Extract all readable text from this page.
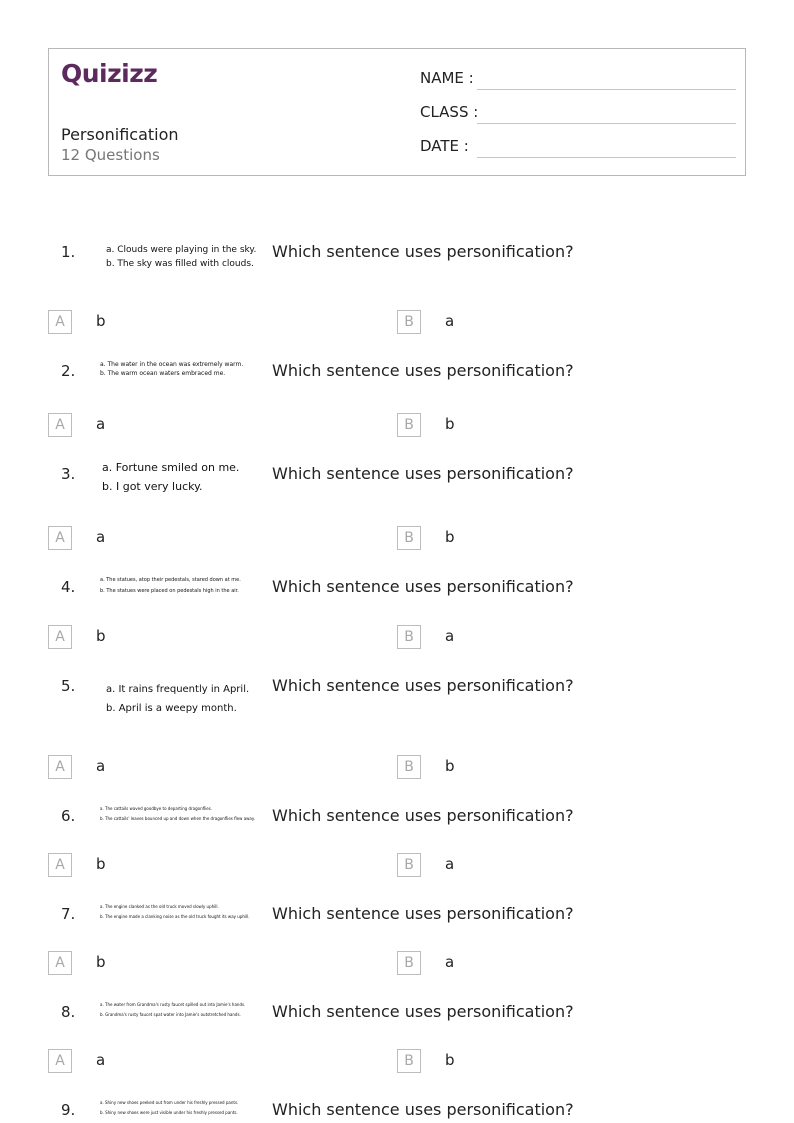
Quizizz
Personification
12 Questions
NAME :
CLASS :
DATE :
1.	a. Clouds were playing in the sky.
b. The sky was filled with clouds.
Which sentence uses personification?
A	b	B	a
2.	a. The water in the ocean was extremely warm.
b. The warm ocean waters embraced me.	Which sentence uses personification?
A	a	B	b
3.	a. Fortune smiled on me.
b. I got very lucky.
Which sentence uses personification?
A	a	B	b
4.	a. The statues, atop their pedestals, stared down at me.
b. The statues were placed on pedestals high in the air.	Which sentence uses personification?
A	b	B	a
5.	a. It rains frequently in April.
b. April is a weepy month.
Which sentence uses personification?
A	a	B	b
6.	a. The cattails waved goodbye to departing dragonflies.
b. The cattails' leaves bounced up and down when the dragonflies flew away. Which sentence uses personification?
A	b	B	a
7.	a. The engine clanked as the old truck moved slowly uphill.
b. The engine made a clanking noise as the old truck fought its way uphill.	Which sentence uses personification?
A	b	B	a
8.	a. The water from Grandma's rusty faucet spilled out into Jamie's hands.
b. Grandma's rusty faucet spat water into Jamie's outstretched hands.	Which sentence uses personification?
A	a	B	b
9.	a. Shiny new shoes peeked out from under his freshly pressed pants.
b. Shiny new shoes were just visible under his freshly pressed pants.	Which sentence uses personification?
